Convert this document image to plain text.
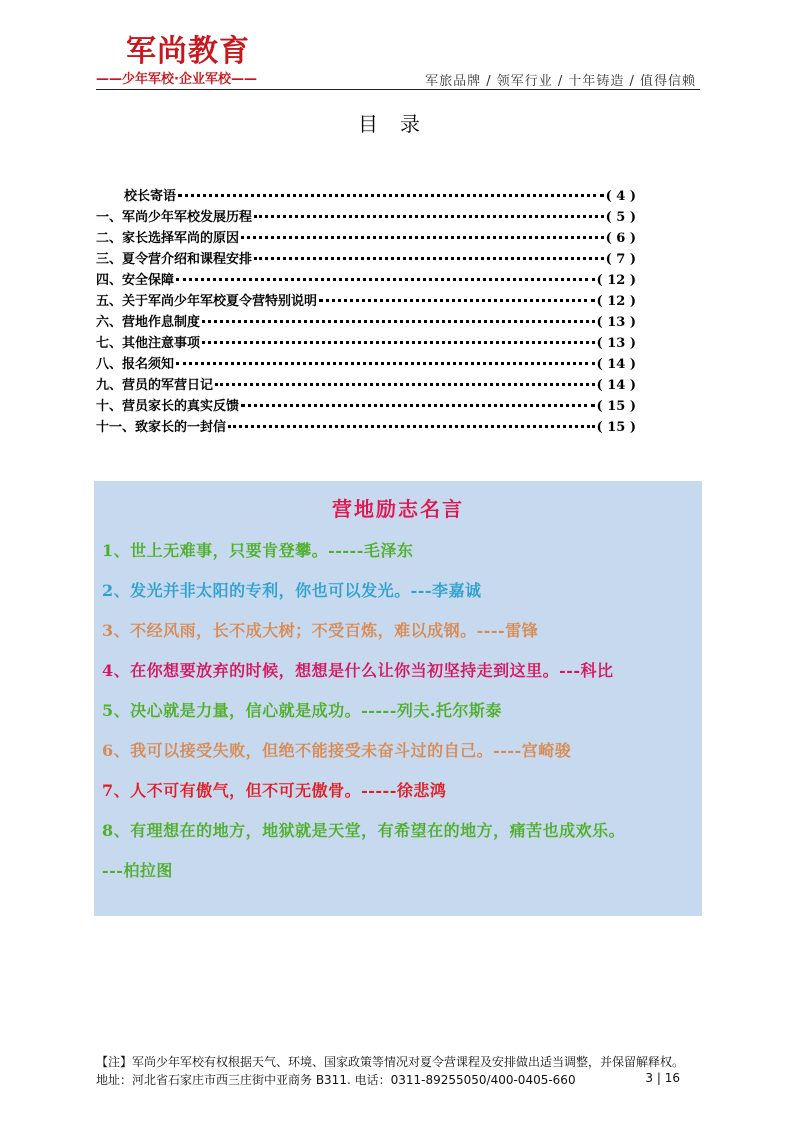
军尚教育
——少年军校·企业军校——	军旅品牌 / 领军行业 / 十年铸造 / 值得信赖
目录
校长寄语	( 4 )
一、军尚少年军校发展历程	( 5 )
二、家长选择军尚的原因	( 6 )
三、夏令营介绍和课程安排	( 7 )
四、安全保障	( 12 )
五、关于军尚少年军校夏令营特别说明	( 12 )
六、营地作息制度	( 13 )
七、其他注意事项	( 13 )
八、报名须知	( 14 )
九、营员的军营日记	( 14 )
十、营员家长的真实反馈	( 15 )
十一、致家长的一封信	( 15 )
营地励志名言
1、世上无难事，只要肯登攀。-----毛泽东
2、发光并非太阳的专利，你也可以发光。---李嘉诚
3、不经风雨，长不成大树；不受百炼，难以成钢。----雷锋
4、在你想要放弃的时候，想想是什么让你当初坚持走到这里。---科比
5、决心就是力量，信心就是成功。-----列夫.托尔斯泰
6、我可以接受失败，但绝不能接受未奋斗过的自己。----宫崎骏
7、人不可有傲气，但不可无傲骨。-----徐悲鸿
8、有理想在的地方，地狱就是天堂，有希望在的地方，痛苦也成欢乐。
---柏拉图
【注】军尚少年军校有权根据天气、环境、国家政策等情况对夏令营课程及安排做出适当调整，并保留解释权。
地址：河北省石家庄市西三庄街中亚商务 B311. 电话：0311-89255050/400-0405-660	3 | 16
